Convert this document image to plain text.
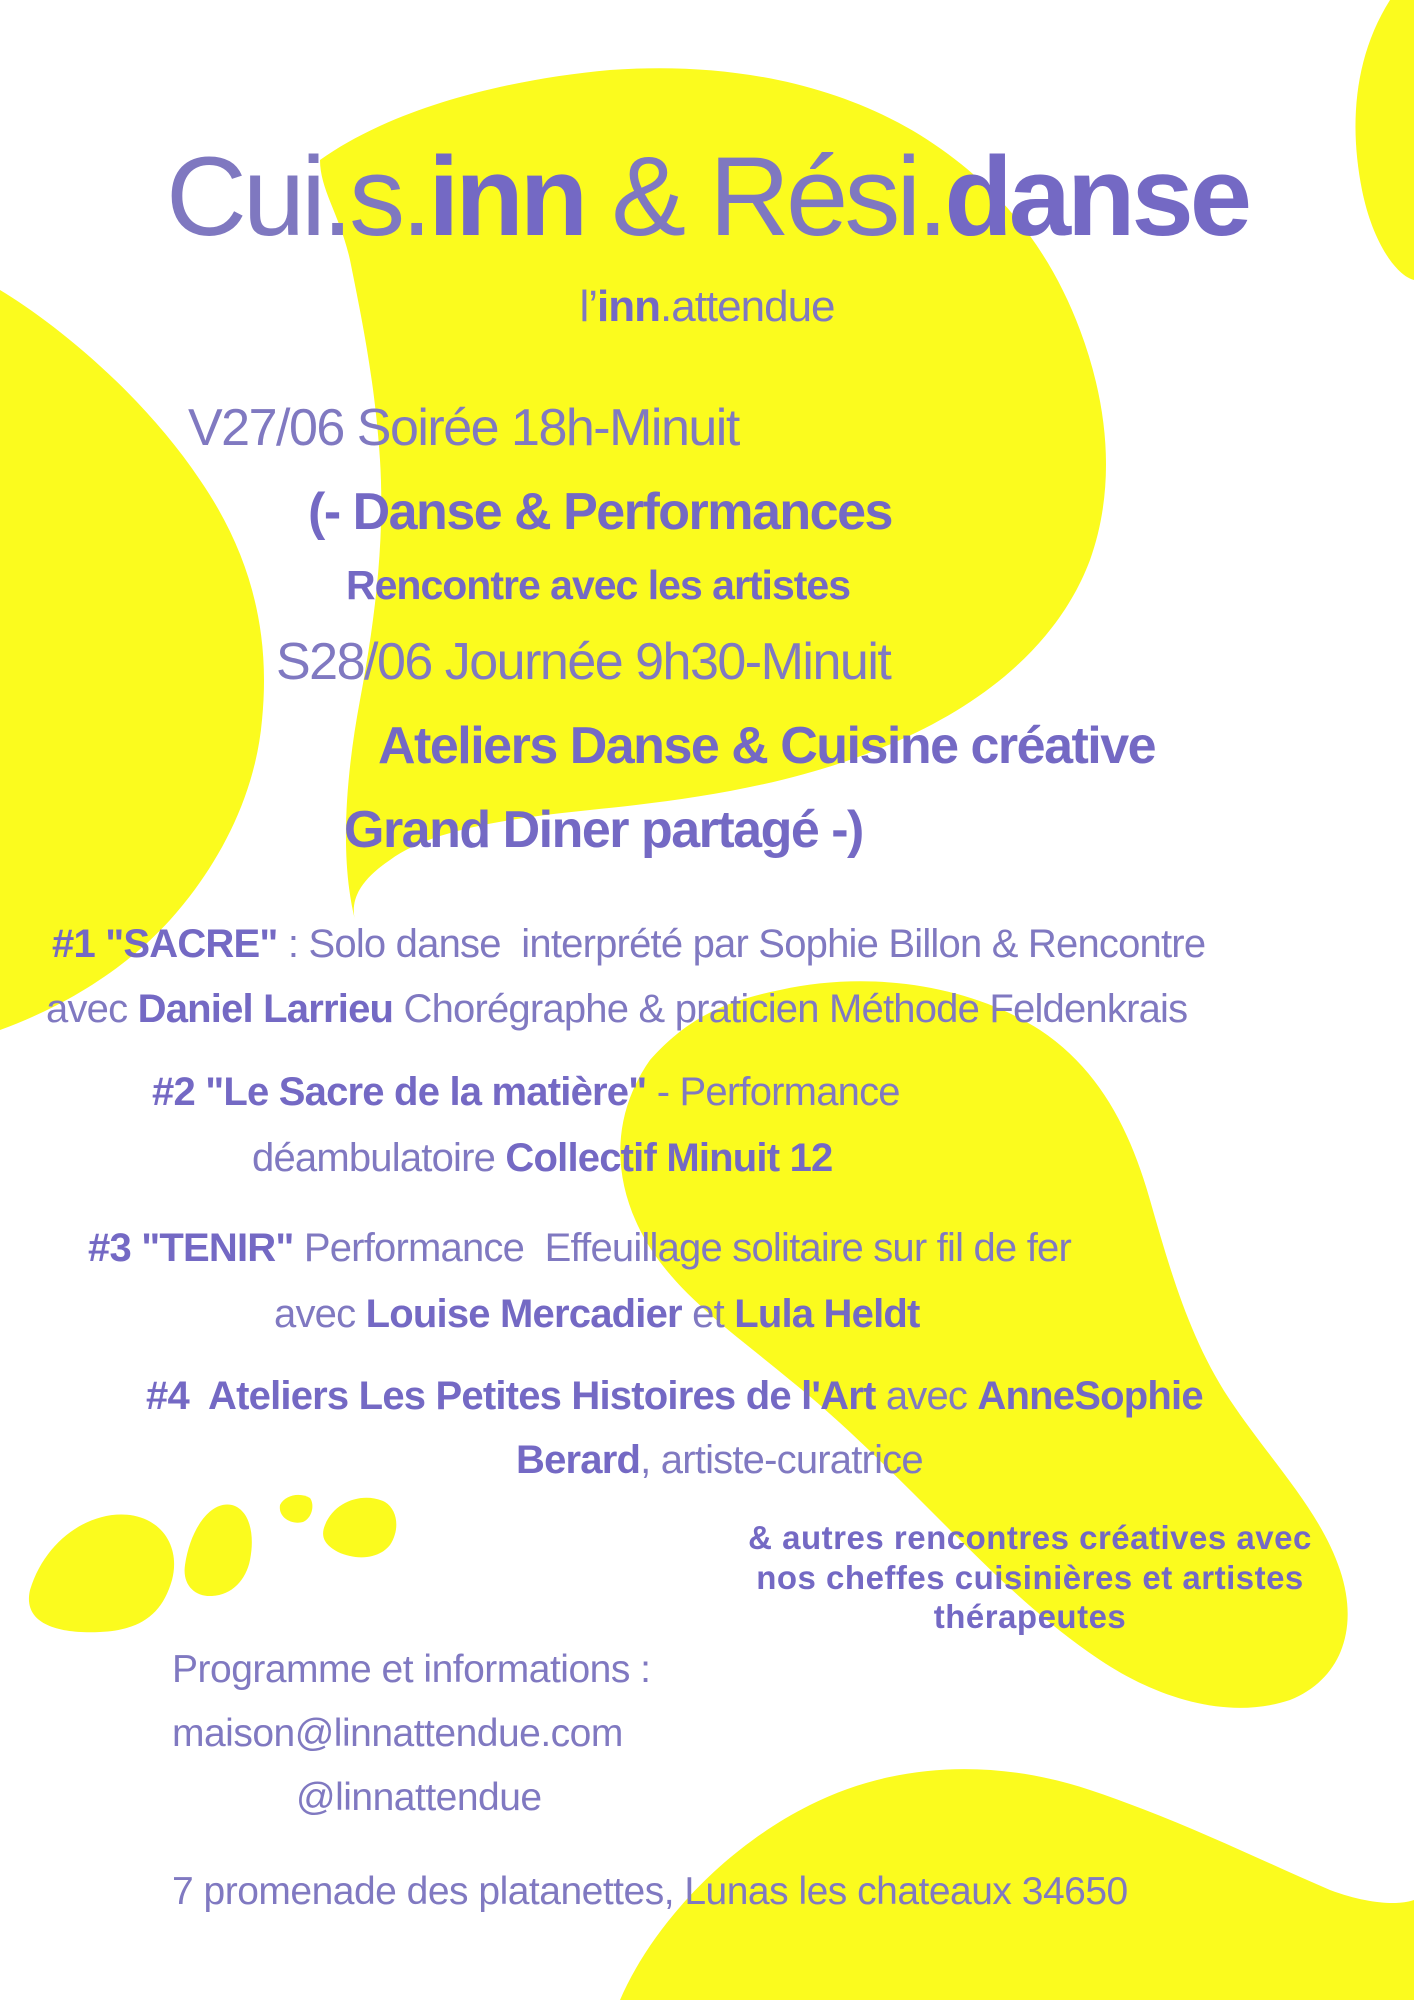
Cui.s.inn & Rési.danse
l’inn.attendue
V27/06 Soirée 18h-Minuit
(- Danse & Performances
Rencontre avec les artistes
S28/06 Journée 9h30-Minuit
Ateliers Danse & Cuisine créative
Grand Diner partagé -)
#1 "SACRE" : Solo danse  interprété par Sophie Billon & Rencontre
avec Daniel Larrieu Chorégraphe & praticien Méthode Feldenkrais
#2 "Le Sacre de la matière" - Performance
déambulatoire Collectif Minuit 12
#3 "TENIR" Performance  Effeuillage solitaire sur fil de fer
avec Louise Mercadier et Lula Heldt
#4  Ateliers Les Petites Histoires de l'Art avec AnneSophie
Berard, artiste-curatrice
& autres rencontres créatives avec nos cheffes cuisinières et artistes thérapeutes
Programme et informations :
maison@linnattendue.com
@linnattendue
7 promenade des platanettes, Lunas les chateaux 34650
